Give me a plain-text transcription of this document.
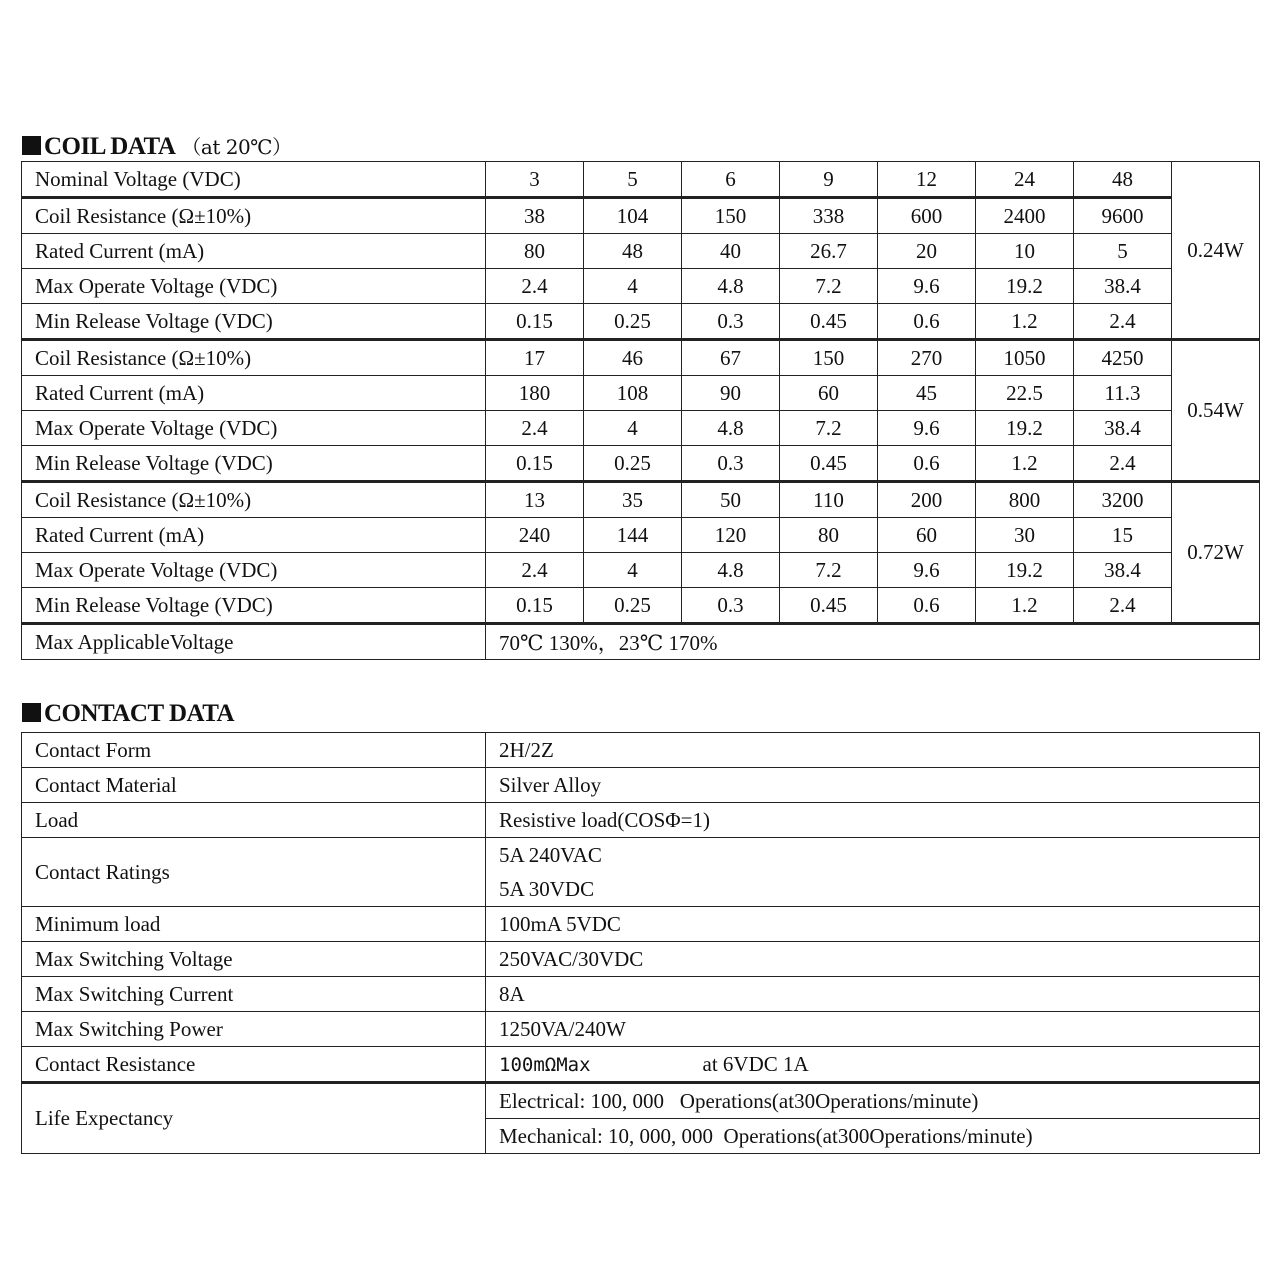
COIL DATA （at 20℃）
Nominal Voltage (VDC)	3	5	6	9	12	24	48	0.24W
Coil Resistance (Ω±10%)	38	104	150	338	600	2400	9600	
Rated Current (mA)	80	48	40	26.7	20	10	5	
Max Operate Voltage (VDC)	2.4	4	4.8	7.2	9.6	19.2	38.4	
Min Release Voltage (VDC)	0.15	0.25	0.3	0.45	0.6	1.2	2.4	
Coil Resistance (Ω±10%)	17	46	67	150	270	1050	4250	0.54W
Rated Current (mA)	180	108	90	60	45	22.5	11.3	
Max Operate Voltage (VDC)	2.4	4	4.8	7.2	9.6	19.2	38.4	
Min Release Voltage (VDC)	0.15	0.25	0.3	0.45	0.6	1.2	2.4	
Coil Resistance (Ω±10%)	13	35	50	110	200	800	3200	0.72W
Rated Current (mA)	240	144	120	80	60	30	15	
Max Operate Voltage (VDC)	2.4	4	4.8	7.2	9.6	19.2	38.4	
Min Release Voltage (VDC)	0.15	0.25	0.3	0.45	0.6	1.2	2.4	
Max ApplicableVoltage	70℃ 130%，23℃ 170%							
CONTACT DATA
Contact Form	2H/2Z
Contact Material	Silver Alloy
Load	Resistive load(COSΦ=1)
Contact Ratings	5A 240VAC
5A 30VDC

Minimum load	100mA 5VDC
Max Switching Voltage	250VAC/30VDC
Max Switching Current	8A
Max Switching Power	1250VA/240W
Contact Resistance	100mΩMax at 6VDC 1A
Life Expectancy	Electrical: 100, 000   Operations(at30Operations/minute)
	Mechanical: 10, 000, 000  Operations(at300Operations/minute)
